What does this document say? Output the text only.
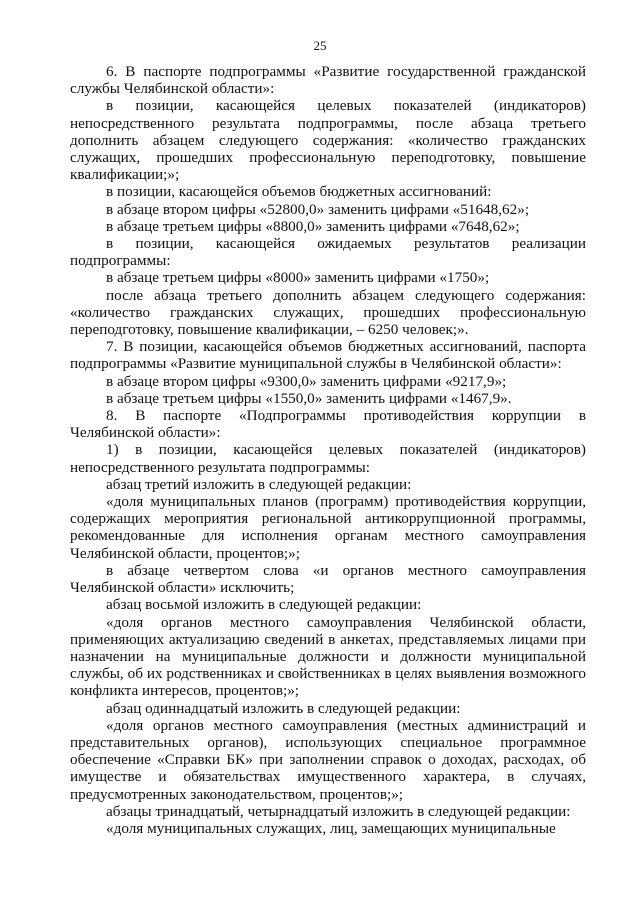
25

6. В паспорте подпрограммы «Развитие государственной гражданской службы Челябинской области»:

в позиции, касающейся целевых показателей (индикаторов) непосредственного результата подпрограммы, после абзаца третьего дополнить абзацем следующего содержания: «количество гражданских служащих, прошедших профессиональную переподготовку, повышение квалификации;»;

в позиции, касающейся объемов бюджетных ассигнований:

в абзаце втором цифры «52800,0» заменить цифрами «51648,62»;

в абзаце третьем цифры «8800,0» заменить цифрами «7648,62»;

в позиции, касающейся ожидаемых результатов реализации подпрограммы:

в абзаце третьем цифры «8000» заменить цифрами «1750»;

после абзаца третьего дополнить абзацем следующего содержания: «количество гражданских служащих, прошедших профессиональную переподготовку, повышение квалификации, – 6250 человек;».

7. В позиции, касающейся объемов бюджетных ассигнований, паспорта подпрограммы «Развитие муниципальной службы в Челябинской области»:

в абзаце втором цифры «9300,0» заменить цифрами «9217,9»;

в абзаце третьем цифры «1550,0» заменить цифрами «1467,9».

8. В паспорте «Подпрограммы противодействия коррупции в Челябинской области»:

1) в позиции, касающейся целевых показателей (индикаторов) непосредственного результата подпрограммы:

абзац третий изложить в следующей редакции:

«доля муниципальных планов (программ) противодействия коррупции, содержащих мероприятия региональной антикоррупционной программы, рекомендованные для исполнения органам местного самоуправления Челябинской области, процентов;»;

в абзаце четвертом слова «и органов местного самоуправления Челябинской области» исключить;

абзац восьмой изложить в следующей редакции:

«доля органов местного самоуправления Челябинской области, применяющих актуализацию сведений в анкетах, представляемых лицами при назначении на муниципальные должности и должности муниципальной службы, об их родственниках и свойственниках в целях выявления возможного конфликта интересов, процентов;»;

абзац одиннадцатый изложить в следующей редакции:

«доля органов местного самоуправления (местных администраций и представительных органов), использующих специальное программное обеспечение «Справки БК» при заполнении справок о доходах, расходах, об имуществе и обязательствах имущественного характера, в случаях, предусмотренных законодательством, процентов;»;

абзацы тринадцатый, четырнадцатый изложить в следующей редакции:

«доля муниципальных служащих, лиц, замещающих муниципальные
